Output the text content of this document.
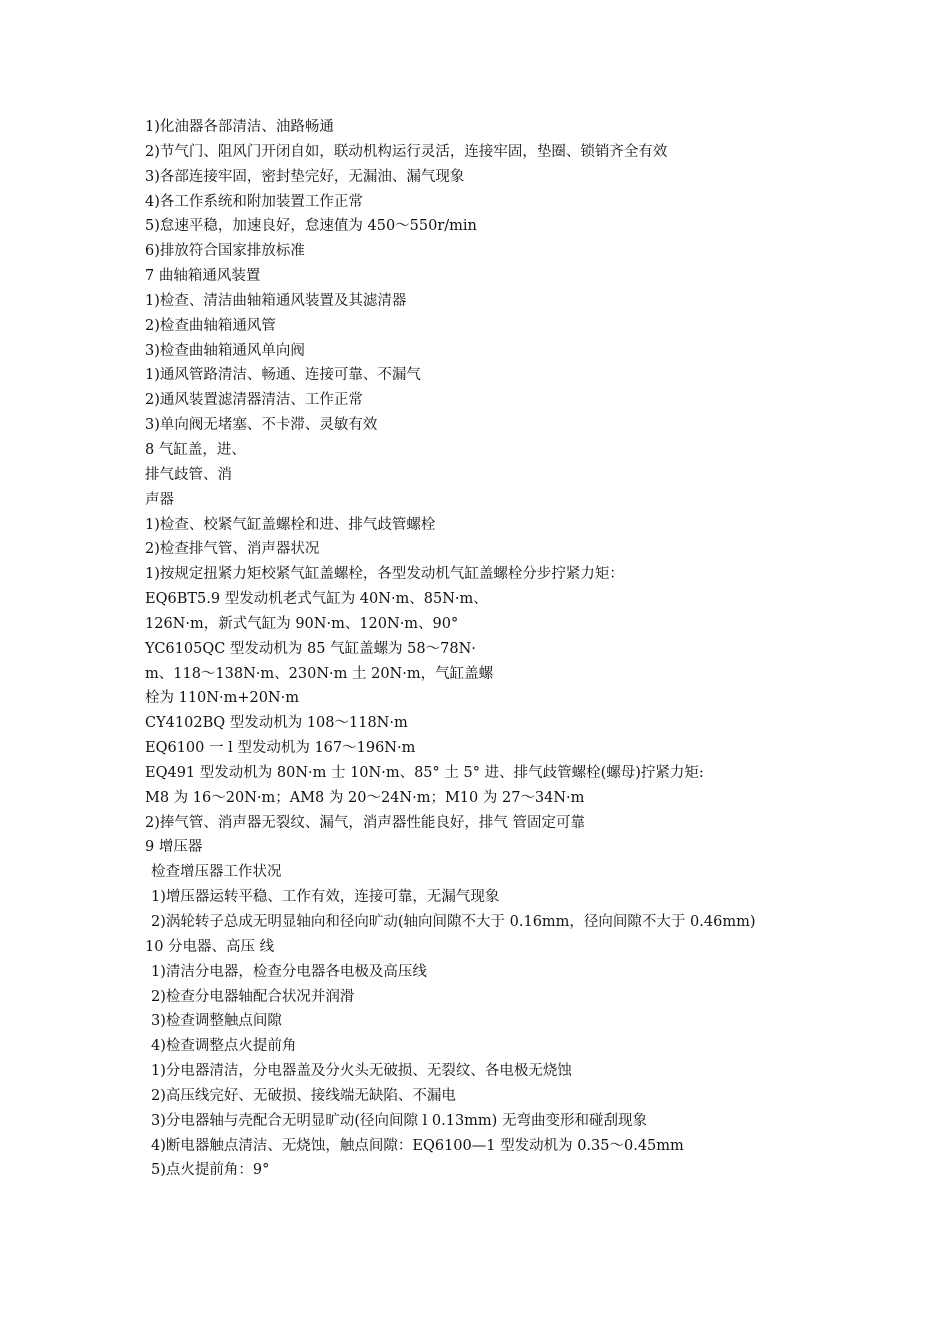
1)化油器各部清洁、油路畅通
2)节气门、阻风门开闭自如，联动机构运行灵活，连接牢固，垫圈、锁销齐全有效
3)各部连接牢固，密封垫完好，无漏油、漏气现象
4)各工作系统和附加装置工作正常
5)怠速平稳，加速良好，怠速值为 450～550r/min
6)排放符合国家排放标准
7 曲轴箱通风装置
1)检查、清洁曲轴箱通风装置及其滤清器
2)检查曲轴箱通风管
3)检查曲轴箱通风单向阀
1)通风管路清洁、畅通、连接可靠、不漏气
2)通风装置滤清器清洁、工作正常
3)单向阀无堵塞、不卡滞、灵敏有效
8 气缸盖，进、
排气歧管、消
声器
1)检查、校紧气缸盖螺栓和进、排气歧管螺栓
2)检查排气管、消声器状况
1)按规定扭紧力矩校紧气缸盖螺栓，各型发动机气缸盖螺栓分步拧紧力矩：
EQ6BT5.9 型发动机老式气缸为 40N·m、85N·m、
126N·m，新式气缸为 90N·m、120N·m、90°
YC6105QC 型发动机为 85 气缸盖螺为 58～78N·
m、118～138N·m、230N·m 土 20N·m，气缸盖螺
栓为 110N·m+20N·m
CY4102BQ 型发动机为 108～118N·m
EQ6100 一 l 型发动机为 167～196N·m
EQ491 型发动机为 80N·m 士 10N·m、85° 土 5° 进、排气歧管螺栓(螺母)拧紧力矩:
M8 为 16～20N·m；AM8 为 20～24N·m；M10 为 27～34N·m
2)捧气管、消声器无裂纹、漏气，消声器性能良好，排气 管固定可靠
9 增压器
检查增压器工作状况
1)增压器运转平稳、工作有效，连接可靠，无漏气现象
2)涡轮转子总成无明显轴向和径向旷动(轴向间隙不大于 0.16mm，径向间隙不大于 0.46mm)
10 分电器、高压 线
1)清洁分电器，检查分电器各电极及高压线
2)检查分电器轴配合状况并润滑
3)检查调整触点间隙
4)检查调整点火提前角
1)分电器清洁，分电器盖及分火头无破损、无裂纹、各电极无烧蚀
2)高压线完好、无破损、接线端无缺陷、不漏电
3)分电器轴与壳配合无明显旷动(径向间隙 l 0.13mm) 无弯曲变形和碰刮现象
4)断电器触点清洁、无烧蚀，触点间隙：EQ6100—1 型发动机为 0.35～0.45mm
5)点火提前角：9°
